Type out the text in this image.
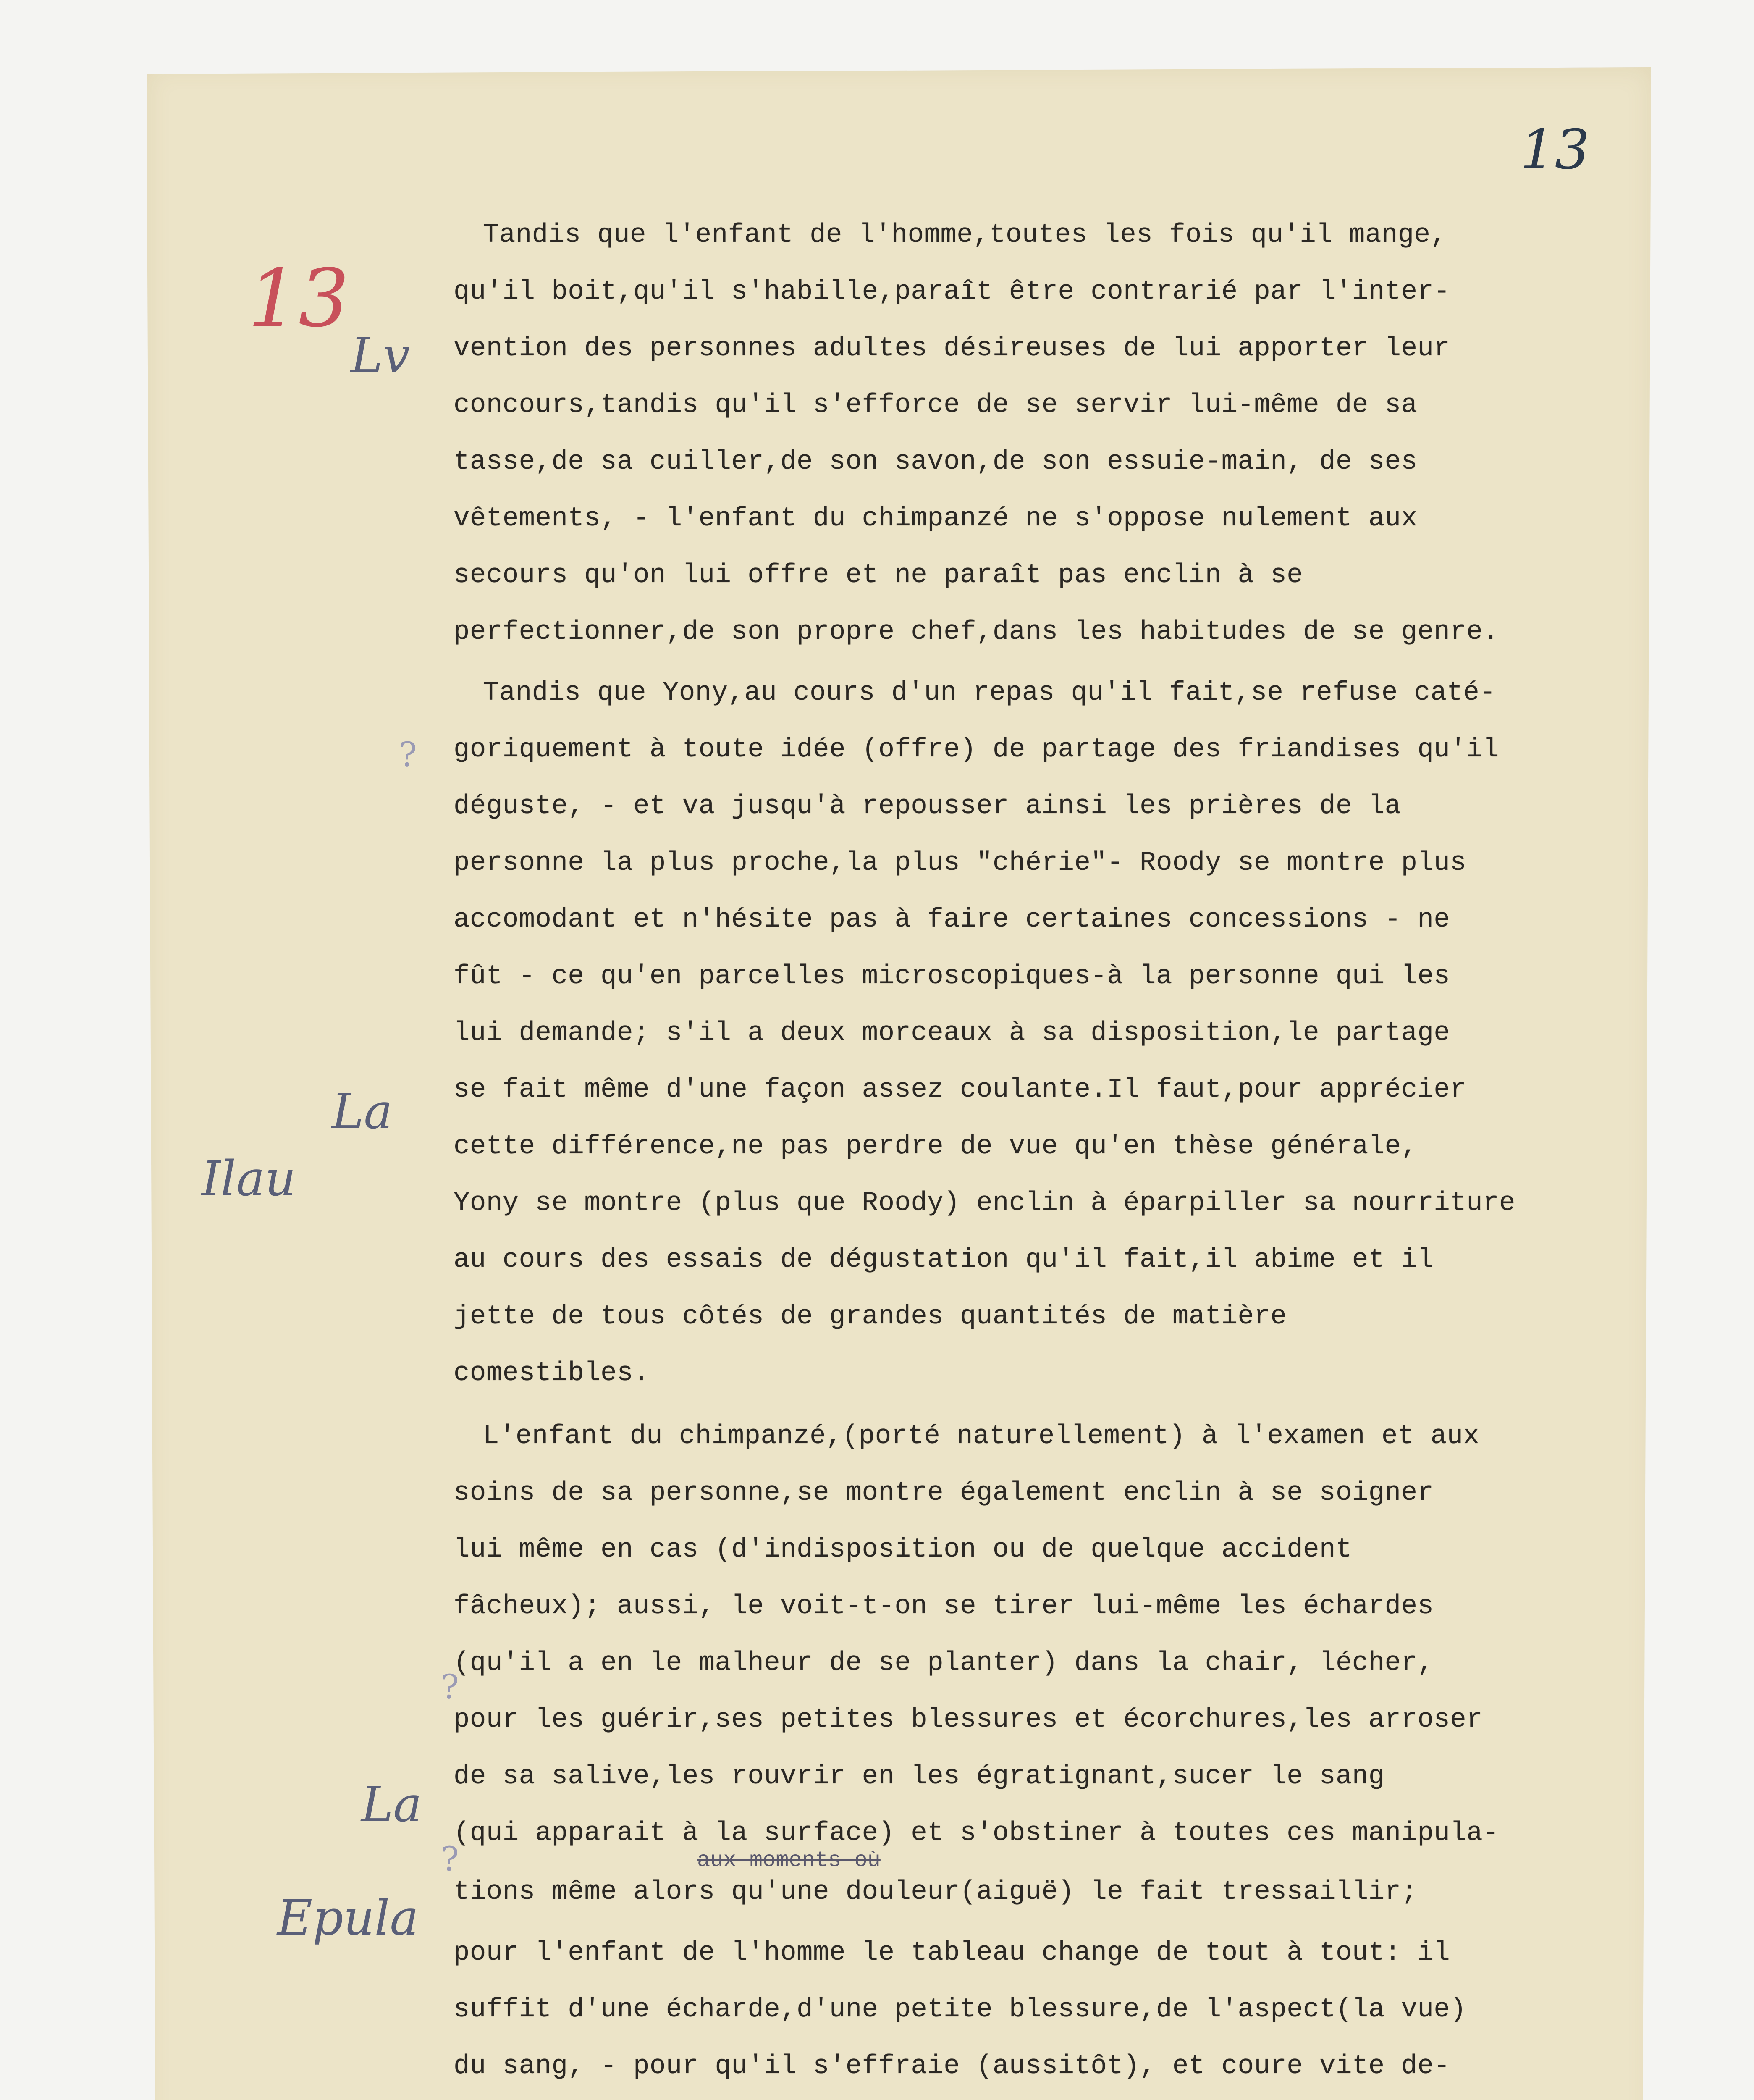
13
13
Lv
La
Ilau
La
Epula
?
?
?
Tandis que l'enfant de l'homme,toutes les fois qu'il mange,
qu'il boit,qu'il s'habille,paraît être contrarié par l'inter-
vention des personnes adultes désireuses de lui apporter leur
concours,tandis qu'il s'efforce de se servir lui-même de sa
tasse,de sa cuiller,de son savon,de son essuie-main, de ses
vêtements, - l'enfant du chimpanzé ne s'oppose nulement aux
secours qu'on lui offre et ne paraît pas enclin à se
perfectionner,de son propre chef,dans les habitudes de se genre.
Tandis que Yony,au cours d'un repas qu'il fait,se refuse caté-
goriquement à toute idée (offre) de partage des friandises qu'il
déguste, - et va jusqu'à repousser ainsi les prières de la
personne la plus proche,la plus "chérie"- Roody se montre plus
accomodant et n'hésite pas à faire certaines concessions - ne
fût - ce qu'en parcelles microscopiques-à la personne qui les
lui demande; s'il a deux morceaux à sa disposition,le partage
se fait même d'une façon assez coulante.Il faut,pour apprécier
cette différence,ne pas perdre de vue qu'en thèse générale,
Yony se montre (plus que Roody) enclin à éparpiller sa nourriture
au cours des essais de dégustation qu'il fait,il abime et il
jette de tous côtés de grandes quantités de matière
comestibles.
L'enfant du chimpanzé,(porté naturellement) à l'examen et aux
soins de sa personne,se montre également enclin à se soigner
lui même en cas (d'indisposition ou de quelque accident
fâcheux); aussi, le voit-t-on se tirer lui-même les échardes
(qu'il a en le malheur de se planter) dans la chair, lécher,
pour les guérir,ses petites blessures et écorchures,les arroser
de sa salive,les rouvrir en les égratignant,sucer le sang
(qui apparait à la surface) et s'obstiner à toutes ces manipula-
aux moments où
tions même alors qu'une douleur(aiguë) le fait tressaillir;
pour l'enfant de l'homme le tableau change de tout à tout: il
suffit d'une écharde,d'une petite blessure,de l'aspect(la vue)
du sang, - pour qu'il s'effraie (aussitôt), et coure vite de-
